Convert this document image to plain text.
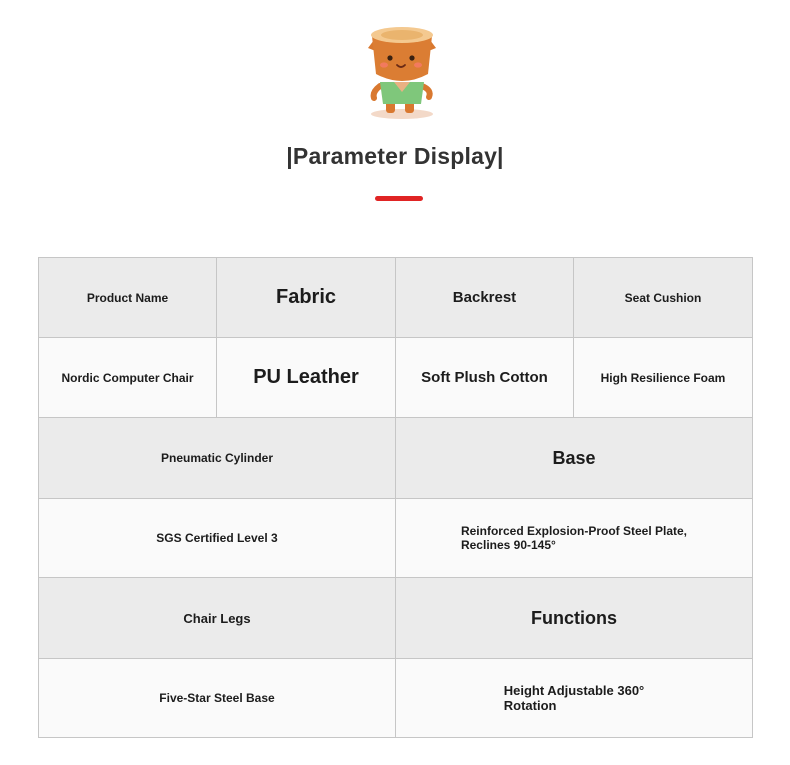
|Parameter Display|
Product Name	Fabric	Backrest	Seat Cushion
Nordic Computer Chair	PU Leather	Soft Plush Cotton	High Resilience Foam
Pneumatic Cylinder		Base	
SGS Certified Level 3		Reinforced Explosion-Proof Steel Plate,
Reclines 90-145°	
Chair Legs		Functions	
Five-Star Steel Base		Height Adjustable 360°
Rotation	
